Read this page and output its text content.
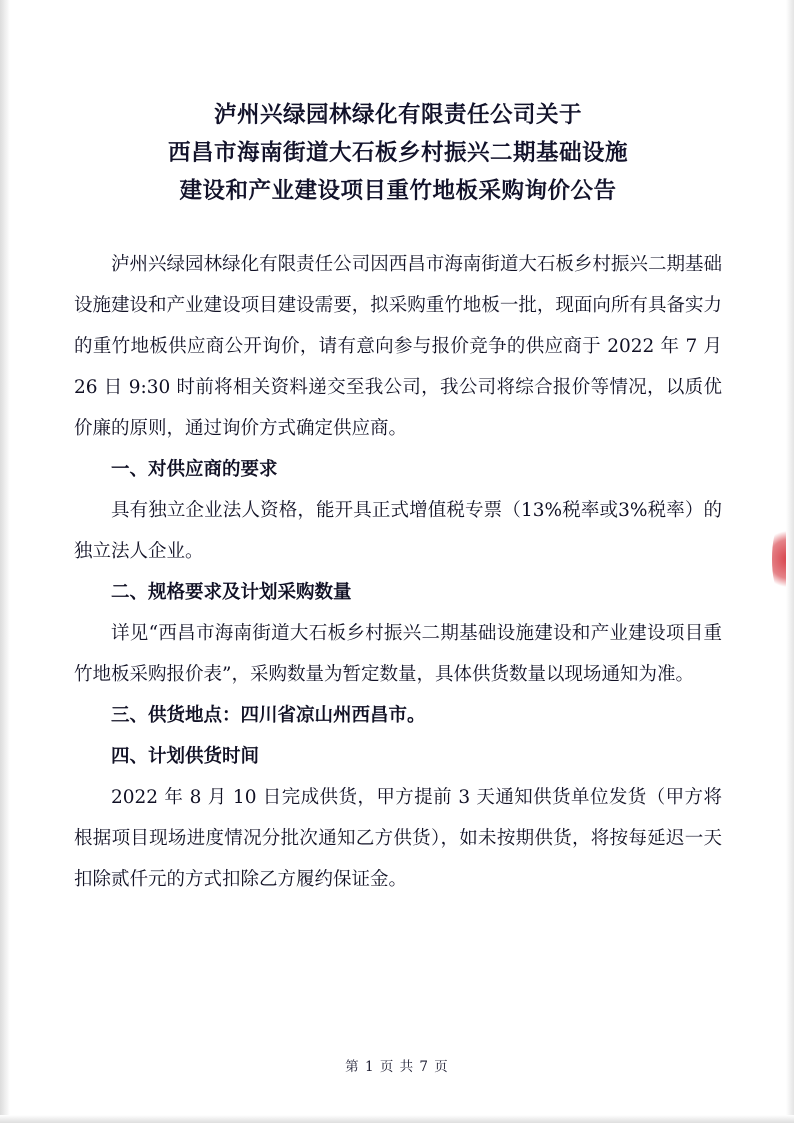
泸州兴绿园林绿化有限责任公司关于
西昌市海南街道大石板乡村振兴二期基础设施
建设和产业建设项目重竹地板采购询价公告

泸州兴绿园林绿化有限责任公司因西昌市海南街道大石板乡村振兴二期基础设施建设和产业建设项目建设需要，拟采购重竹地板一批，现面向所有具备实力的重竹地板供应商公开询价，请有意向参与报价竞争的供应商于 2022 年 7 月 26 日 9:30 时前将相关资料递交至我公司，我公司将综合报价等情况，以质优价廉的原则，通过询价方式确定供应商。

一、对供应商的要求

具有独立企业法人资格，能开具正式增值税专票（13%税率或3%税率）的独立法人企业。

二、规格要求及计划采购数量

详见“西昌市海南街道大石板乡村振兴二期基础设施建设和产业建设项目重竹地板采购报价表”，采购数量为暂定数量，具体供货数量以现场通知为准。

三、供货地点：四川省凉山州西昌市。

四、计划供货时间

2022 年 8 月 10 日完成供货，甲方提前 3 天通知供货单位发货（甲方将根据项目现场进度情况分批次通知乙方供货），如未按期供货，将按每延迟一天扣除贰仟元的方式扣除乙方履约保证金。

第 1 页 共 7 页
